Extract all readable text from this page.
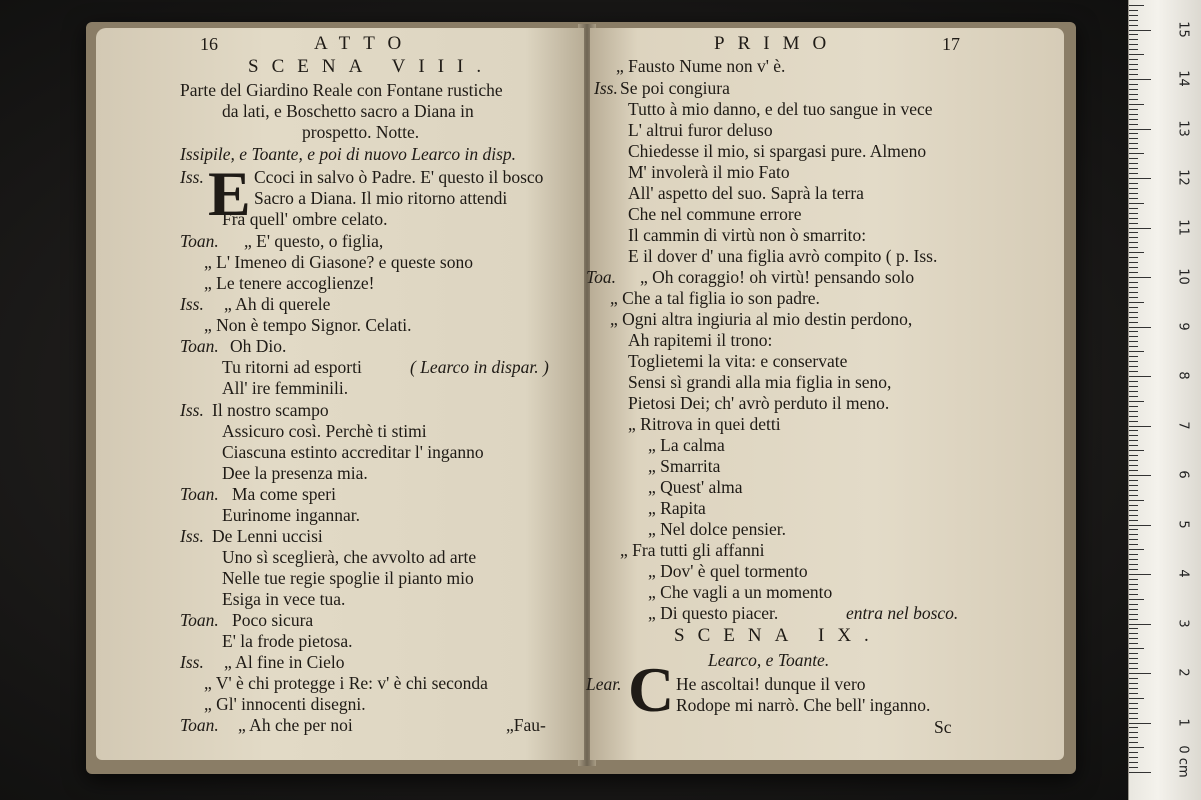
16	ATTO
SCENA VIII.
Parte del Giardino Reale con Fontane rustiche
da lati, e Boschetto sacro a Diana in
prospetto. Notte.
Issipile, e Toante, e poi di nuovo Learco in disp.
E
Iss.	Ccoci in salvo ò Padre. E' questo il bosco
Sacro a Diana. Il mio ritorno attendi
Fra quell' ombre celato.
Toan. „ E' questo, o figlia,
„ L' Imeneo di Giasone? e queste sono
„ Le tenere accoglienze!
Iss. „ Ah di querele
„ Non è tempo Signor. Celati.
Toan. Oh Dio.
Tu ritorni ad esporti	( Learco in dispar. )
All' ire femminili.
Iss. Il nostro scampo
Assicuro così. Perchè ti stimi
Ciascuna estinto accreditar l' inganno
Dee la presenza mia.
Toan. Ma come speri
Eurinome ingannar.
Iss. De Lenni uccisi
Uno sì sceglierà, che avvolto ad arte
Nelle tue regie spoglie il pianto mio
Esiga in vece tua.
Toan. Poco sicura
E' la frode pietosa.
Iss. „ Al fine in Cielo
„ V' è chi protegge i Re: v' è chi seconda
„ Gl' innocenti disegni.
Toan. „ Ah che per noi	„Fau-
PRIMO	17
„ Fausto Nume non v' è.
Iss. Se poi congiura
Tutto à mio danno, e del tuo sangue in vece
L' altrui furor deluso
Chiedesse il mio, si spargasi pure. Almeno
M' involerà il mio Fato
All' aspetto del suo. Saprà la terra
Che nel commune errore
Il cammin di virtù non ò smarrito:
E il dover d' una figlia avrò compito ( p. Iss.
Toa. „ Oh coraggio! oh virtù! pensando solo
„ Che a tal figlia io son padre.
„ Ogni altra ingiuria al mio destin perdono,
Ah rapitemi il trono:
Toglietemi la vita: e conservate
Sensi sì grandi alla mia figlia in seno,
Pietosi Dei; ch' avrò perduto il meno.
„ Ritrova in quei detti
„ La calma
„ Smarrita
„ Quest' alma
„ Rapita
„ Nel dolce pensier.
„ Fra tutti gli affanni
„ Dov' è quel tormento
„ Che vagli a un momento
„ Di questo piacer.	entra nel bosco.
SCENA IX.
Learco, e Toante.
Lear. C He ascoltai! dunque il vero
Rodope mi narrò. Che bell' inganno.
Sc
0 cm
1
2
3
4
5
6
7
8
9
10
11
12
13
14
15
